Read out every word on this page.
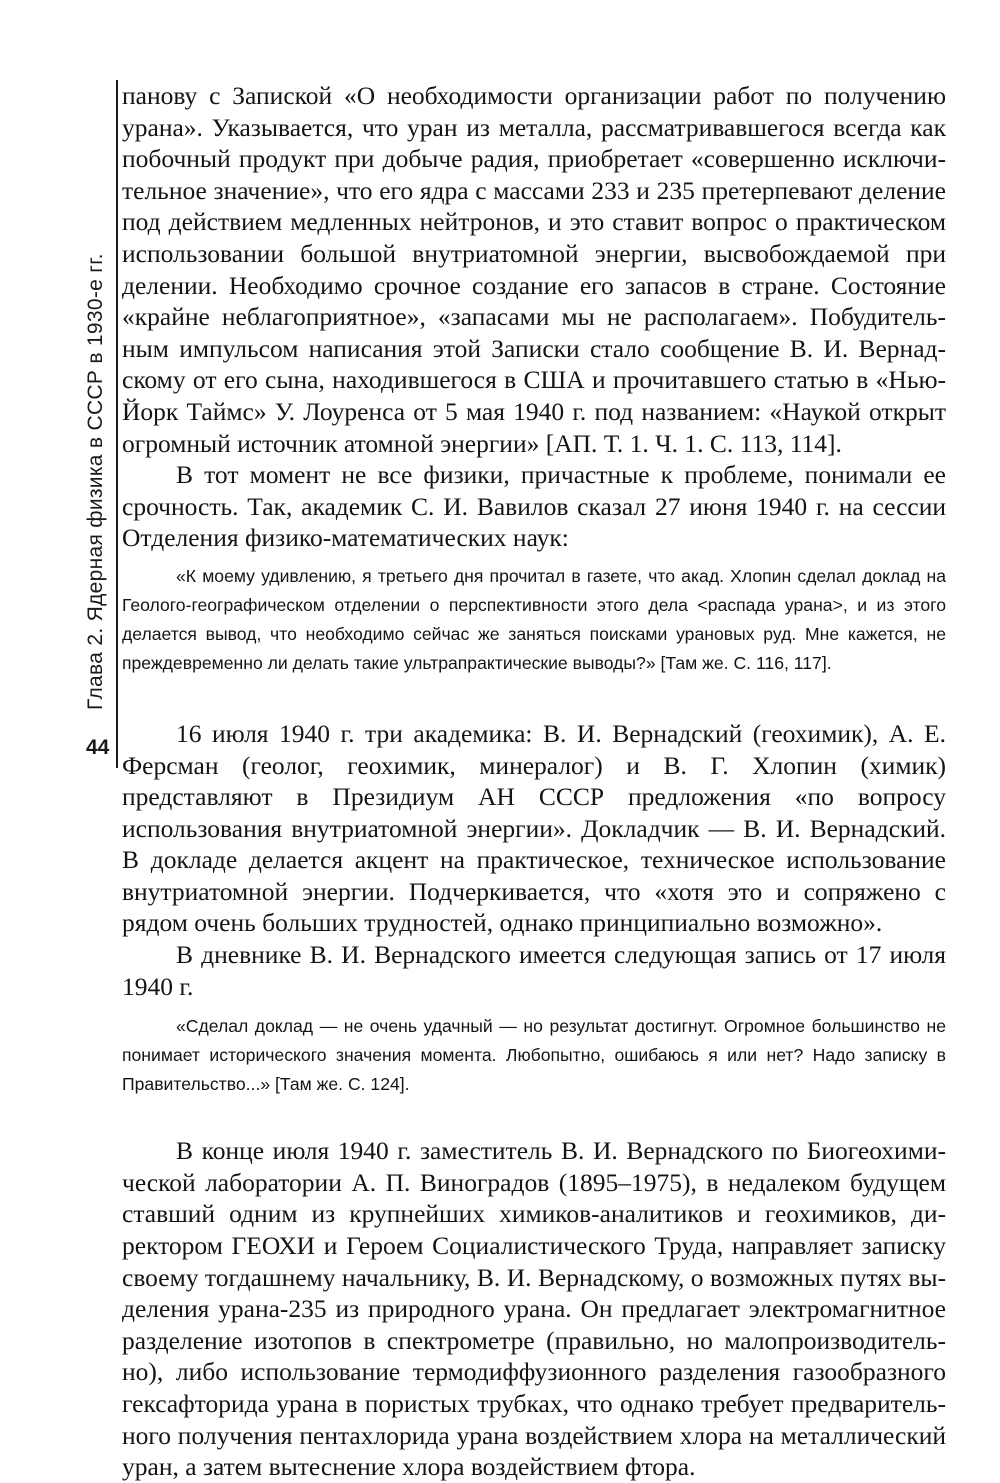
Глава 2. Ядерная физика в СССР в 1930-е гг.
44

панову с Запиской «О необходимости организации работ по получению урана». Указывается, что уран из металла, рассматривавшегося всегда как побочный продукт при добыче радия, приобретает «совершенно исключительное значение», что его ядра с массами 233 и 235 претерпевают деление под действием медленных нейтронов, и это ставит вопрос о практическом использовании большой внутриатомной энергии, высвобождаемой при делении. Необходимо срочное создание его запасов в стране. Состояние «крайне неблагоприятное», «запасами мы не располагаем». Побудительным импульсом написания этой Записки стало сообщение В. И. Вернадскому от его сына, находившегося в США и прочитавшего статью в «Нью-Йорк Таймс» У. Лоуренса от 5 мая 1940 г. под названием: «Наукой открыт огромный источник атомной энергии» [АП. Т. 1. Ч. 1. С. 113, 114].

В тот момент не все физики, причастные к проблеме, понимали ее срочность. Так, академик С. И. Вавилов сказал 27 июня 1940 г. на сессии Отделения физико-математических наук:

«К моему удивлению, я третьего дня прочитал в газете, что акад. Хлопин сделал доклад на Геолого-географическом отделении о перспективности этого дела <распада урана>, и из этого делается вывод, что необходимо сейчас же заняться поисками урановых руд. Мне кажется, не преждевременно ли делать такие ультрапрактические выводы?» [Там же. С. 116, 117].

16 июля 1940 г. три академика: В. И. Вернадский (геохимик), А. Е. Ферсман (геолог, геохимик, минералог) и В. Г. Хлопин (химик) представляют в Президиум АН СССР предложения «по вопросу использования внутриатомной энергии». Докладчик — В. И. Вернадский. В докладе делается акцент на практическое, техническое использование внутриатомной энергии. Подчеркивается, что «хотя это и сопряжено с рядом очень больших трудностей, однако принципиально возможно».

В дневнике В. И. Вернадского имеется следующая запись от 17 июля 1940 г.

«Сделал доклад — не очень удачный — но результат достигнут. Огромное большинство не понимает исторического значения момента. Любопытно, ошибаюсь я или нет? Надо записку в Правительство...» [Там же. С. 124].

В конце июля 1940 г. заместитель В. И. Вернадского по Биогеохимической лаборатории А. П. Виноградов (1895–1975), в недалеком будущем ставший одним из крупнейших химиков-аналитиков и геохимиков, директором ГЕОХИ и Героем Социалистического Труда, направляет записку своему тогдашнему начальнику, В. И. Вернадскому, о возможных путях выделения урана-235 из природного урана. Он предлагает электромагнитное разделение изотопов в спектрометре (правильно, но малопроизводительно), либо использование термодиффузионного разделения газообразного гексафторида урана в пористых трубках, что однако требует предварительного получения пентахлорида урана воздействием хлора на металлический уран, а затем вытеснение хлора воздействием фтора.
